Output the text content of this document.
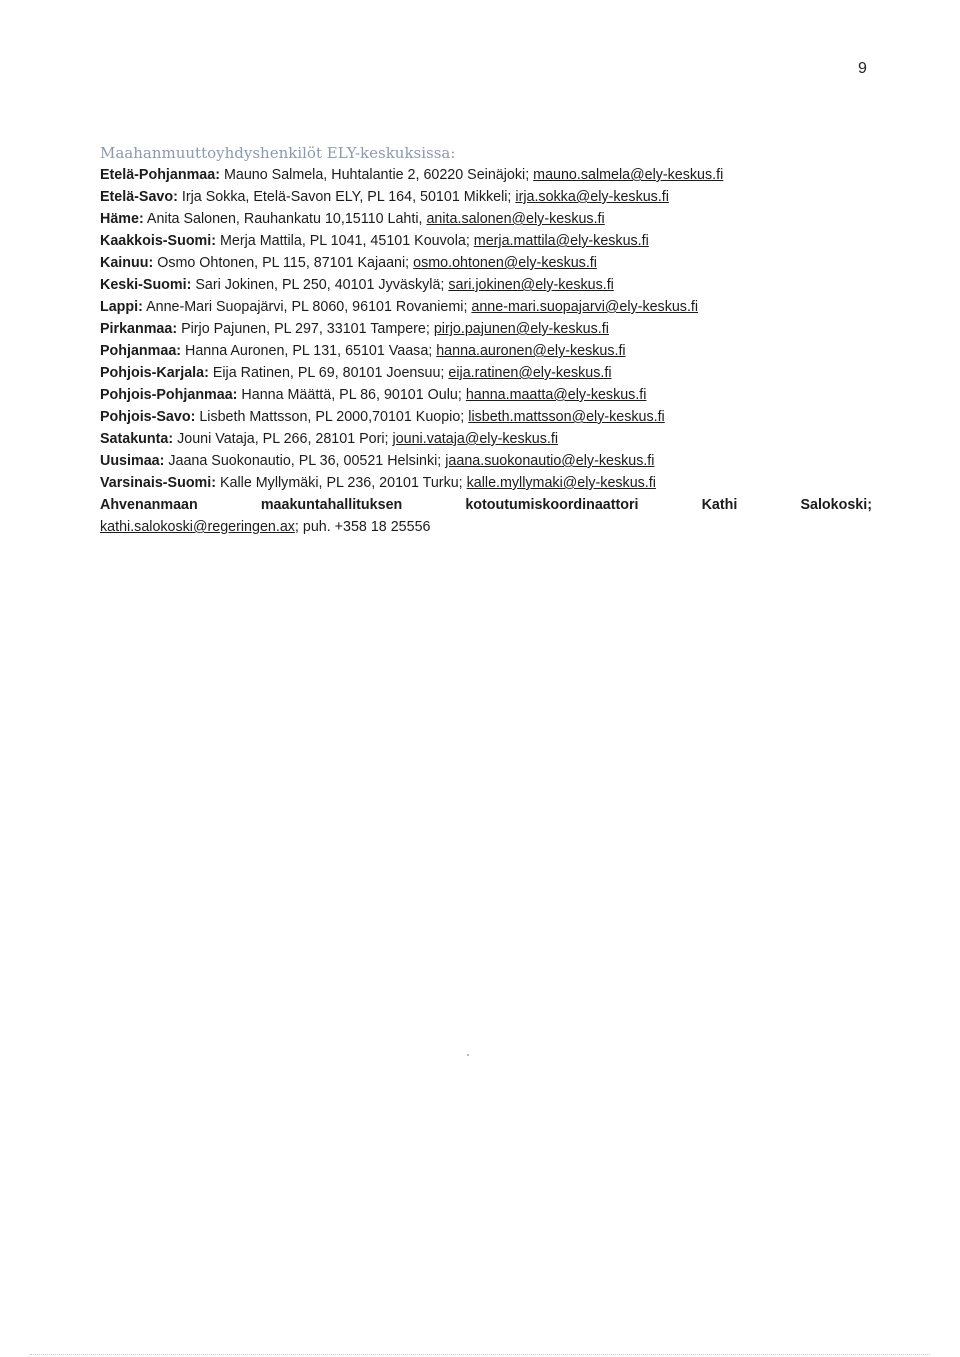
9
Maahanmuuttoyhdyshenkilöt ELY-keskuksissa:
Etelä-Pohjanmaa: Mauno Salmela, Huhtalantie 2, 60220 Seinäjoki; mauno.salmela@ely-keskus.fi
Etelä-Savo: Irja Sokka, Etelä-Savon ELY, PL 164, 50101 Mikkeli; irja.sokka@ely-keskus.fi
Häme: Anita Salonen, Rauhankatu 10,15110 Lahti, anita.salonen@ely-keskus.fi
Kaakkois-Suomi: Merja Mattila, PL 1041, 45101 Kouvola; merja.mattila@ely-keskus.fi
Kainuu: Osmo Ohtonen, PL 115, 87101 Kajaani; osmo.ohtonen@ely-keskus.fi
Keski-Suomi: Sari Jokinen, PL 250, 40101 Jyväskylä; sari.jokinen@ely-keskus.fi
Lappi: Anne-Mari Suopajärvi, PL 8060, 96101 Rovaniemi; anne-mari.suopajarvi@ely-keskus.fi
Pirkanmaa: Pirjo Pajunen, PL 297, 33101 Tampere; pirjo.pajunen@ely-keskus.fi
Pohjanmaa: Hanna Auronen, PL 131, 65101 Vaasa; hanna.auronen@ely-keskus.fi
Pohjois-Karjala: Eija Ratinen, PL 69, 80101 Joensuu; eija.ratinen@ely-keskus.fi
Pohjois-Pohjanmaa: Hanna Määttä, PL 86, 90101 Oulu; hanna.maatta@ely-keskus.fi
Pohjois-Savo: Lisbeth Mattsson, PL 2000,70101 Kuopio; lisbeth.mattsson@ely-keskus.fi
Satakunta: Jouni Vataja, PL 266, 28101 Pori; jouni.vataja@ely-keskus.fi
Uusimaa: Jaana Suokonautio, PL 36, 00521 Helsinki; jaana.suokonautio@ely-keskus.fi
Varsinais-Suomi: Kalle Myllymäki, PL 236, 20101 Turku; kalle.myllymaki@ely-keskus.fi
Ahvenanmaan	maakuntahallituksen	kotoutumiskoordinaattori	Kathi	Salokoski;
kathi.salokoski@regeringen.ax; puh. +358 18 25556
